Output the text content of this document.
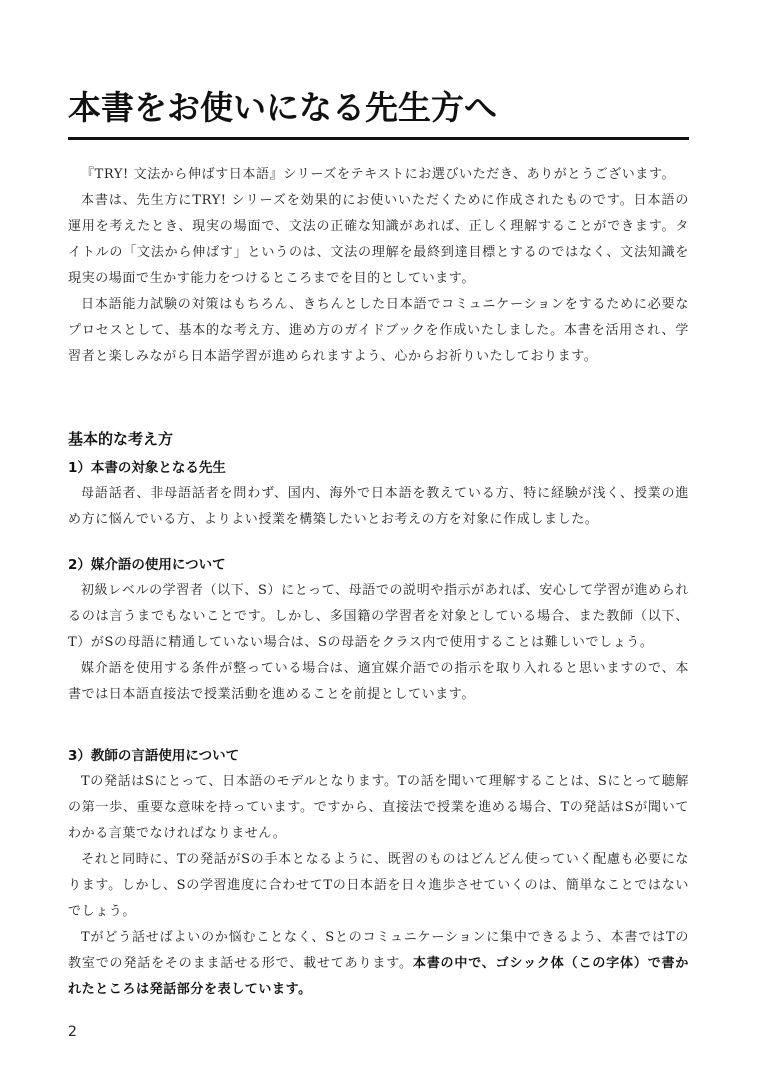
本書をお使いになる先生方へ

『TRY! 文法から伸ばす日本語』シリーズをテキストにお選びいただき、ありがとうございます。

本書は、先生方にTRY! シリーズを効果的にお使いいただくために作成されたものです。日本語の運用を考えたとき、現実の場面で、文法の正確な知識があれば、正しく理解することができます。タイトルの「文法から伸ばす」というのは、文法の理解を最終到達目標とするのではなく、文法知識を現実の場面で生かす能力をつけるところまでを目的としています。

日本語能力試験の対策はもちろん、きちんとした日本語でコミュニケーションをするために必要なプロセスとして、基本的な考え方、進め方のガイドブックを作成いたしました。本書を活用され、学習者と楽しみながら日本語学習が進められますよう、心からお祈りいたしております。

基本的な考え方
1）本書の対象となる先生

母語話者、非母語話者を問わず、国内、海外で日本語を教えている方、特に経験が浅く、授業の進め方に悩んでいる方、よりよい授業を構築したいとお考えの方を対象に作成しました。

2）媒介語の使用について

初級レベルの学習者（以下、S）にとって、母語での説明や指示があれば、安心して学習が進められるのは言うまでもないことです。しかし、多国籍の学習者を対象としている場合、また教師（以下、T）がSの母語に精通していない場合は、Sの母語をクラス内で使用することは難しいでしょう。

媒介語を使用する条件が整っている場合は、適宜媒介語での指示を取り入れると思いますので、本書では日本語直接法で授業活動を進めることを前提としています。

3）教師の言語使用について

Tの発話はSにとって、日本語のモデルとなります。Tの話を聞いて理解することは、Sにとって聴解の第一歩、重要な意味を持っています。ですから、直接法で授業を進める場合、Tの発話はSが聞いてわかる言葉でなければなりません。

それと同時に、Tの発話がSの手本となるように、既習のものはどんどん使っていく配慮も必要になります。しかし、Sの学習進度に合わせてTの日本語を日々進歩させていくのは、簡単なことではないでしょう。

Tがどう話せばよいのか悩むことなく、Sとのコミュニケーションに集中できるよう、本書ではTの教室での発話をそのまま話せる形で、載せてあります。本書の中で、ゴシック体（この字体）で書かれたところは発話部分を表しています。

2
